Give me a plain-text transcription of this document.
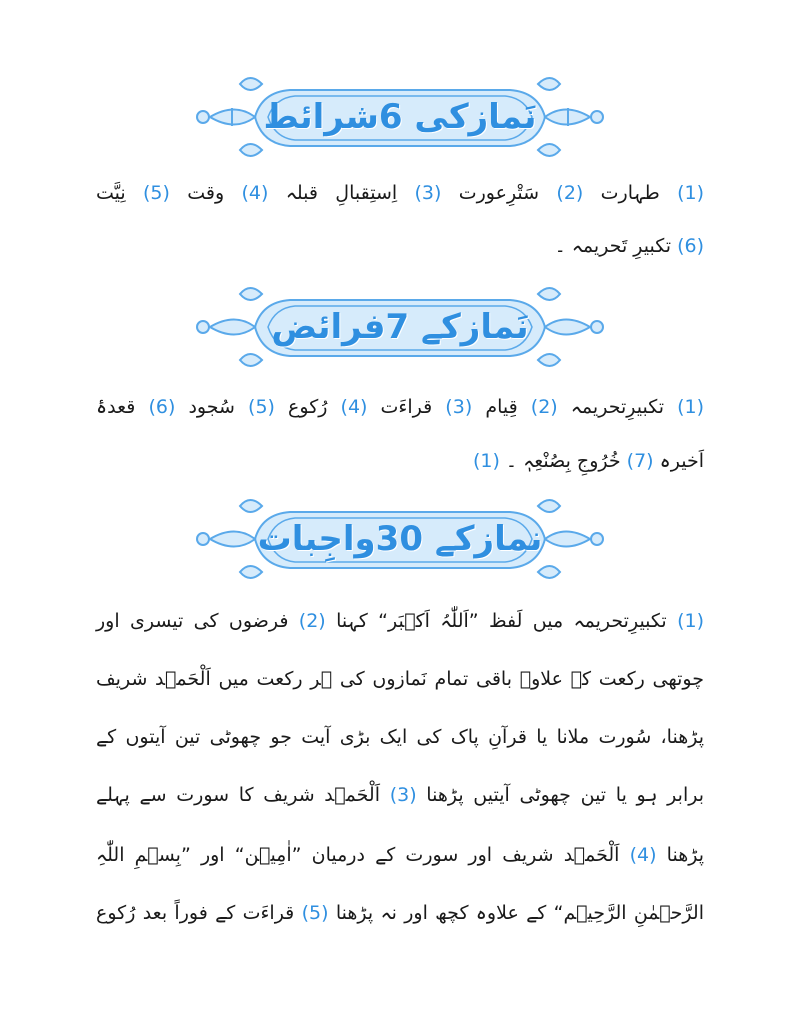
نَمازکی 6شرائط
(1) طہارت (2) سَتْرِعورت (3) اِستِقبالِ قبلہ (4) وقت (5) نِیَّت
(6) تکبیرِ تَحریمہ ۔
نَمازکے 7فرائض
(1) تکبیرِتحریمہ (2) قِیام (3) قراءَت (4) رُکوع (5) سُجود (6) قعدۂ
اَخیرہ (7) خُرُوجِ بِصُنْعِہٖ ۔ (1)
نمازکے 30واجِبات
(1) تکبیرِتحریمہ میں لَفظ ”اَللّٰہُ اَکۡبَر“ کہنا (2) فرضوں کی تیسری اور
چوتھی رکعت کے علاوہ باقی تمام نَمازوں کی ہر رکعت میں اَلْحَمۡد شریف
پڑھنا، سُورت ملانا یا قرآنِ پاک کی ایک بڑی آیت جو چھوٹی تین آیتوں کے
برابر ہو یا تین چھوٹی آیتیں پڑھنا (3) اَلْحَمۡد شریف کا سورت سے پہلے
پڑھنا (4) اَلْحَمۡد شریف اور سورت کے درمیان ”اٰمِیۡن“ اور ”بِسۡمِ اللّٰہِ
الرَّحۡمٰنِ الرَّحِیۡم“ کے علاوہ کچھ اور نہ پڑھنا (5) قراءَت کے فوراً بعد رُکوع
